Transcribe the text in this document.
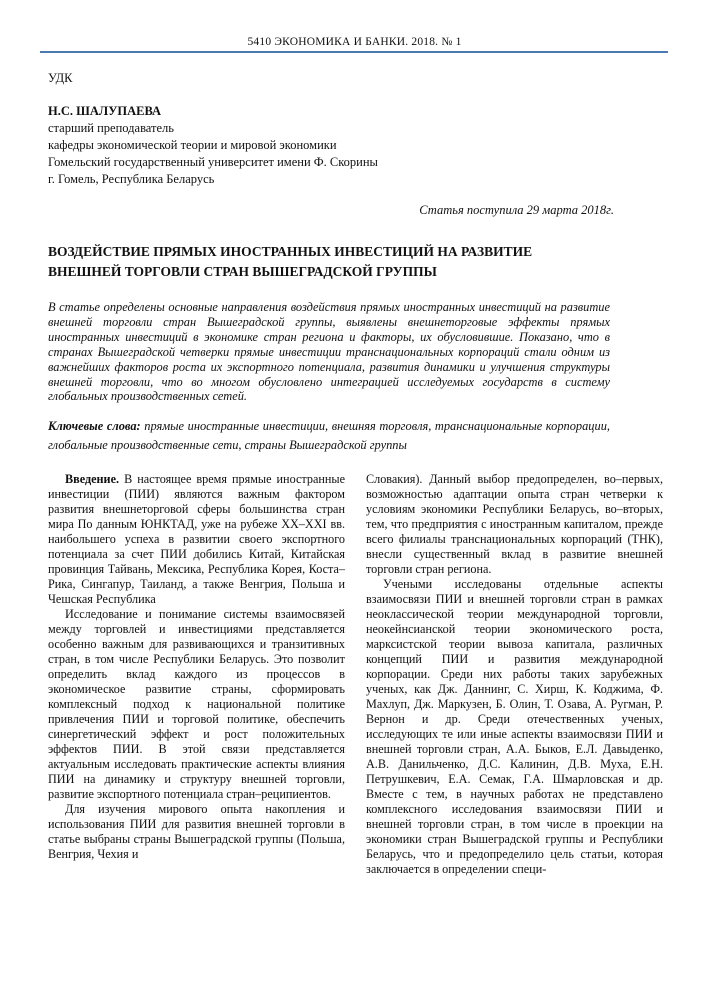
5410 ЭКОНОМИКА И БАНКИ. 2018. № 1
УДК
Н.С. ШАЛУПАЕВА
старший преподаватель
кафедры экономической теории и мировой экономики
Гомельский государственный университет имени Ф. Скорины
г. Гомель, Республика Беларусь
Статья поступила 29 марта 2018г.
ВОЗДЕЙСТВИЕ ПРЯМЫХ ИНОСТРАННЫХ ИНВЕСТИЦИЙ НА РАЗВИТИЕ ВНЕШНЕЙ ТОРГОВЛИ СТРАН ВЫШЕГРАДСКОЙ ГРУППЫ
В статье определены основные направления воздействия прямых иностранных инвестиций на развитие внешней торговли стран Вышеградской группы, выявлены внешнеторговые эффекты прямых иностранных инвестиций в экономике стран региона и факторы, их обусловившие. Показано, что в странах Вышеградской четверки прямые инвестиции транснациональных корпораций стали одним из важнейших факторов роста их экспортного потенциала, развития динамики и улучшения структуры внешней торговли, что во многом обусловлено интеграцией исследуемых государств в систему глобальных производственных сетей.
Ключевые слова: прямые иностранные инвестиции, внешняя торговля, транснациональные корпорации, глобальные производственные сети, страны Вышеградской группы

Введение. В настоящее время прямые иностранные инвестиции (ПИИ) являются важным фактором развития внешнеторговой сферы большинства стран мира По данным ЮНКТАД, уже на рубеже XX–XXI вв. наибольшего успеха в развитии своего экспортного потенциала за счет ПИИ добились Китай, Китайская провинция Тайвань, Мексика, Республика Корея, Коста–Рика, Сингапур, Таиланд, а также Венгрия, Польша и Чешская Республика

Исследование и понимание системы взаимосвязей между торговлей и инвестициями представляется особенно важным для развивающихся и транзитивных стран, в том числе Республики Беларусь. Это позволит определить вклад каждого из процессов в экономическое развитие страны, сформировать комплексный подход к национальной политике привлечения ПИИ и торговой политике, обеспечить синергетический эффект и рост положительных эффектов ПИИ. В этой связи представляется актуальным исследовать практические аспекты влияния ПИИ на динамику и структуру внешней торговли, развитие экспортного потенциала стран–реципиентов.

Для изучения мирового опыта накопления и использования ПИИ для развития внешней торговли в статье выбраны страны Вышеградской группы (Польша, Венгрия, Чехия и

Словакия). Данный выбор предопределен, во–первых, возможностью адаптации опыта стран четверки к условиям экономики Республики Беларусь, во–вторых, тем, что предприятия с иностранным капиталом, прежде всего филиалы транснациональных корпораций (ТНК), внесли существенный вклад в развитие внешней торговли стран региона.

Учеными исследованы отдельные аспекты взаимосвязи ПИИ и внешней торговли стран в рамках неоклассической теории международной торговли, неокейнсианской теории экономического роста, марксистской теории вывоза капитала, различных концепций ПИИ и развития международной корпорации. Среди них работы таких зарубежных ученых, как Дж. Даннинг, С. Хирш, К. Коджима, Ф. Махлуп, Дж. Маркузен, Б. Олин, Т. Озава, А. Ругман, Р. Вернон и др. Среди отечественных ученых, исследующих те или иные аспекты взаимосвязи ПИИ и внешней торговли стран, А.А. Быков, Е.Л. Давыденко, А.В. Данильченко, Д.С. Калинин, Д.В. Муха, Е.Н. Петрушкевич, Е.А. Семак, Г.А. Шмарловская и др. Вместе с тем, в научных работах не представлено комплексного исследования взаимосвязи ПИИ и внешней торговли стран, в том числе в проекции на экономики стран Вышеградской группы и Республики Беларусь, что и предопределило цель статьи, которая заключается в определении специ-
